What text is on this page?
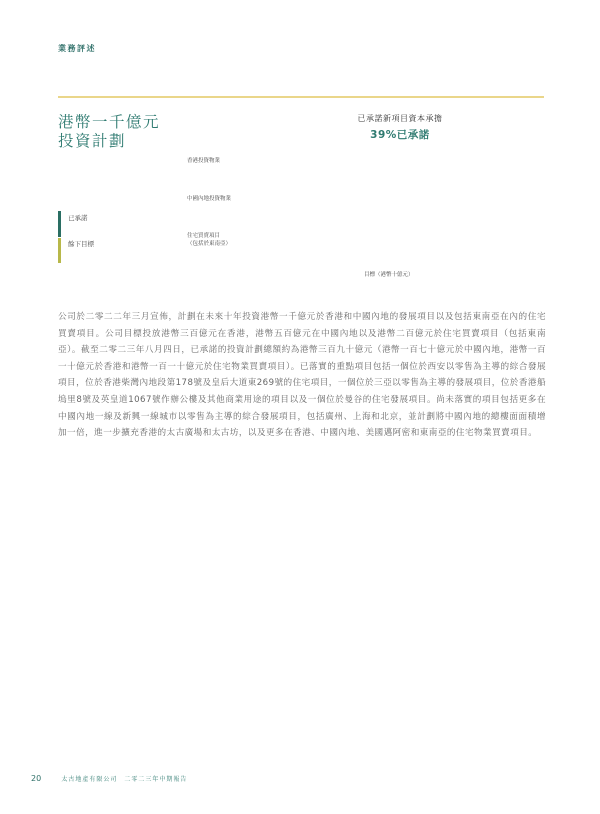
業務評述
港幣一千億元
投資計劃
已承諾新項目資本承擔
39%已承諾
香港投資物業
中國內地投資物業
住宅買賣項目
（包括於東南亞）
目標（港幣十億元）
已承諾
餘下目標
公司於二零二二年三月宣佈，計劃在未來十年投資港幣一千億元於香港和中國內地的發展項目以及包括東南亞在內的住宅買賣項目。公司目標投放港幣三百億元在香港，港幣五百億元在中國內地以及港幣二百億元於住宅買賣項目（包括東南亞）。截至二零二三年八月四日，已承諾的投資計劃總額約為港幣三百九十億元（港幣一百七十億元於中國內地，港幣一百一十億元於香港和港幣一百一十億元於住宅物業買賣項目）。已落實的重點項目包括一個位於西安以零售為主導的綜合發展項目，位於香港柴灣內地段第178號及皇后大道東269號的住宅項目，一個位於三亞以零售為主導的發展項目，位於香港船塢里8號及英皇道1067號作辦公樓及其他商業用途的項目以及一個位於曼谷的住宅發展項目。尚未落實的項目包括更多在中國內地一線及新興一線城市以零售為主導的綜合發展項目，包括廣州、上海和北京，並計劃將中國內地的總樓面面積增加一倍，進一步擴充香港的太古廣場和太古坊，以及更多在香港、中國內地、美國邁阿密和東南亞的住宅物業買賣項目。
20	太古地產有限公司　二零二三年中期報告
